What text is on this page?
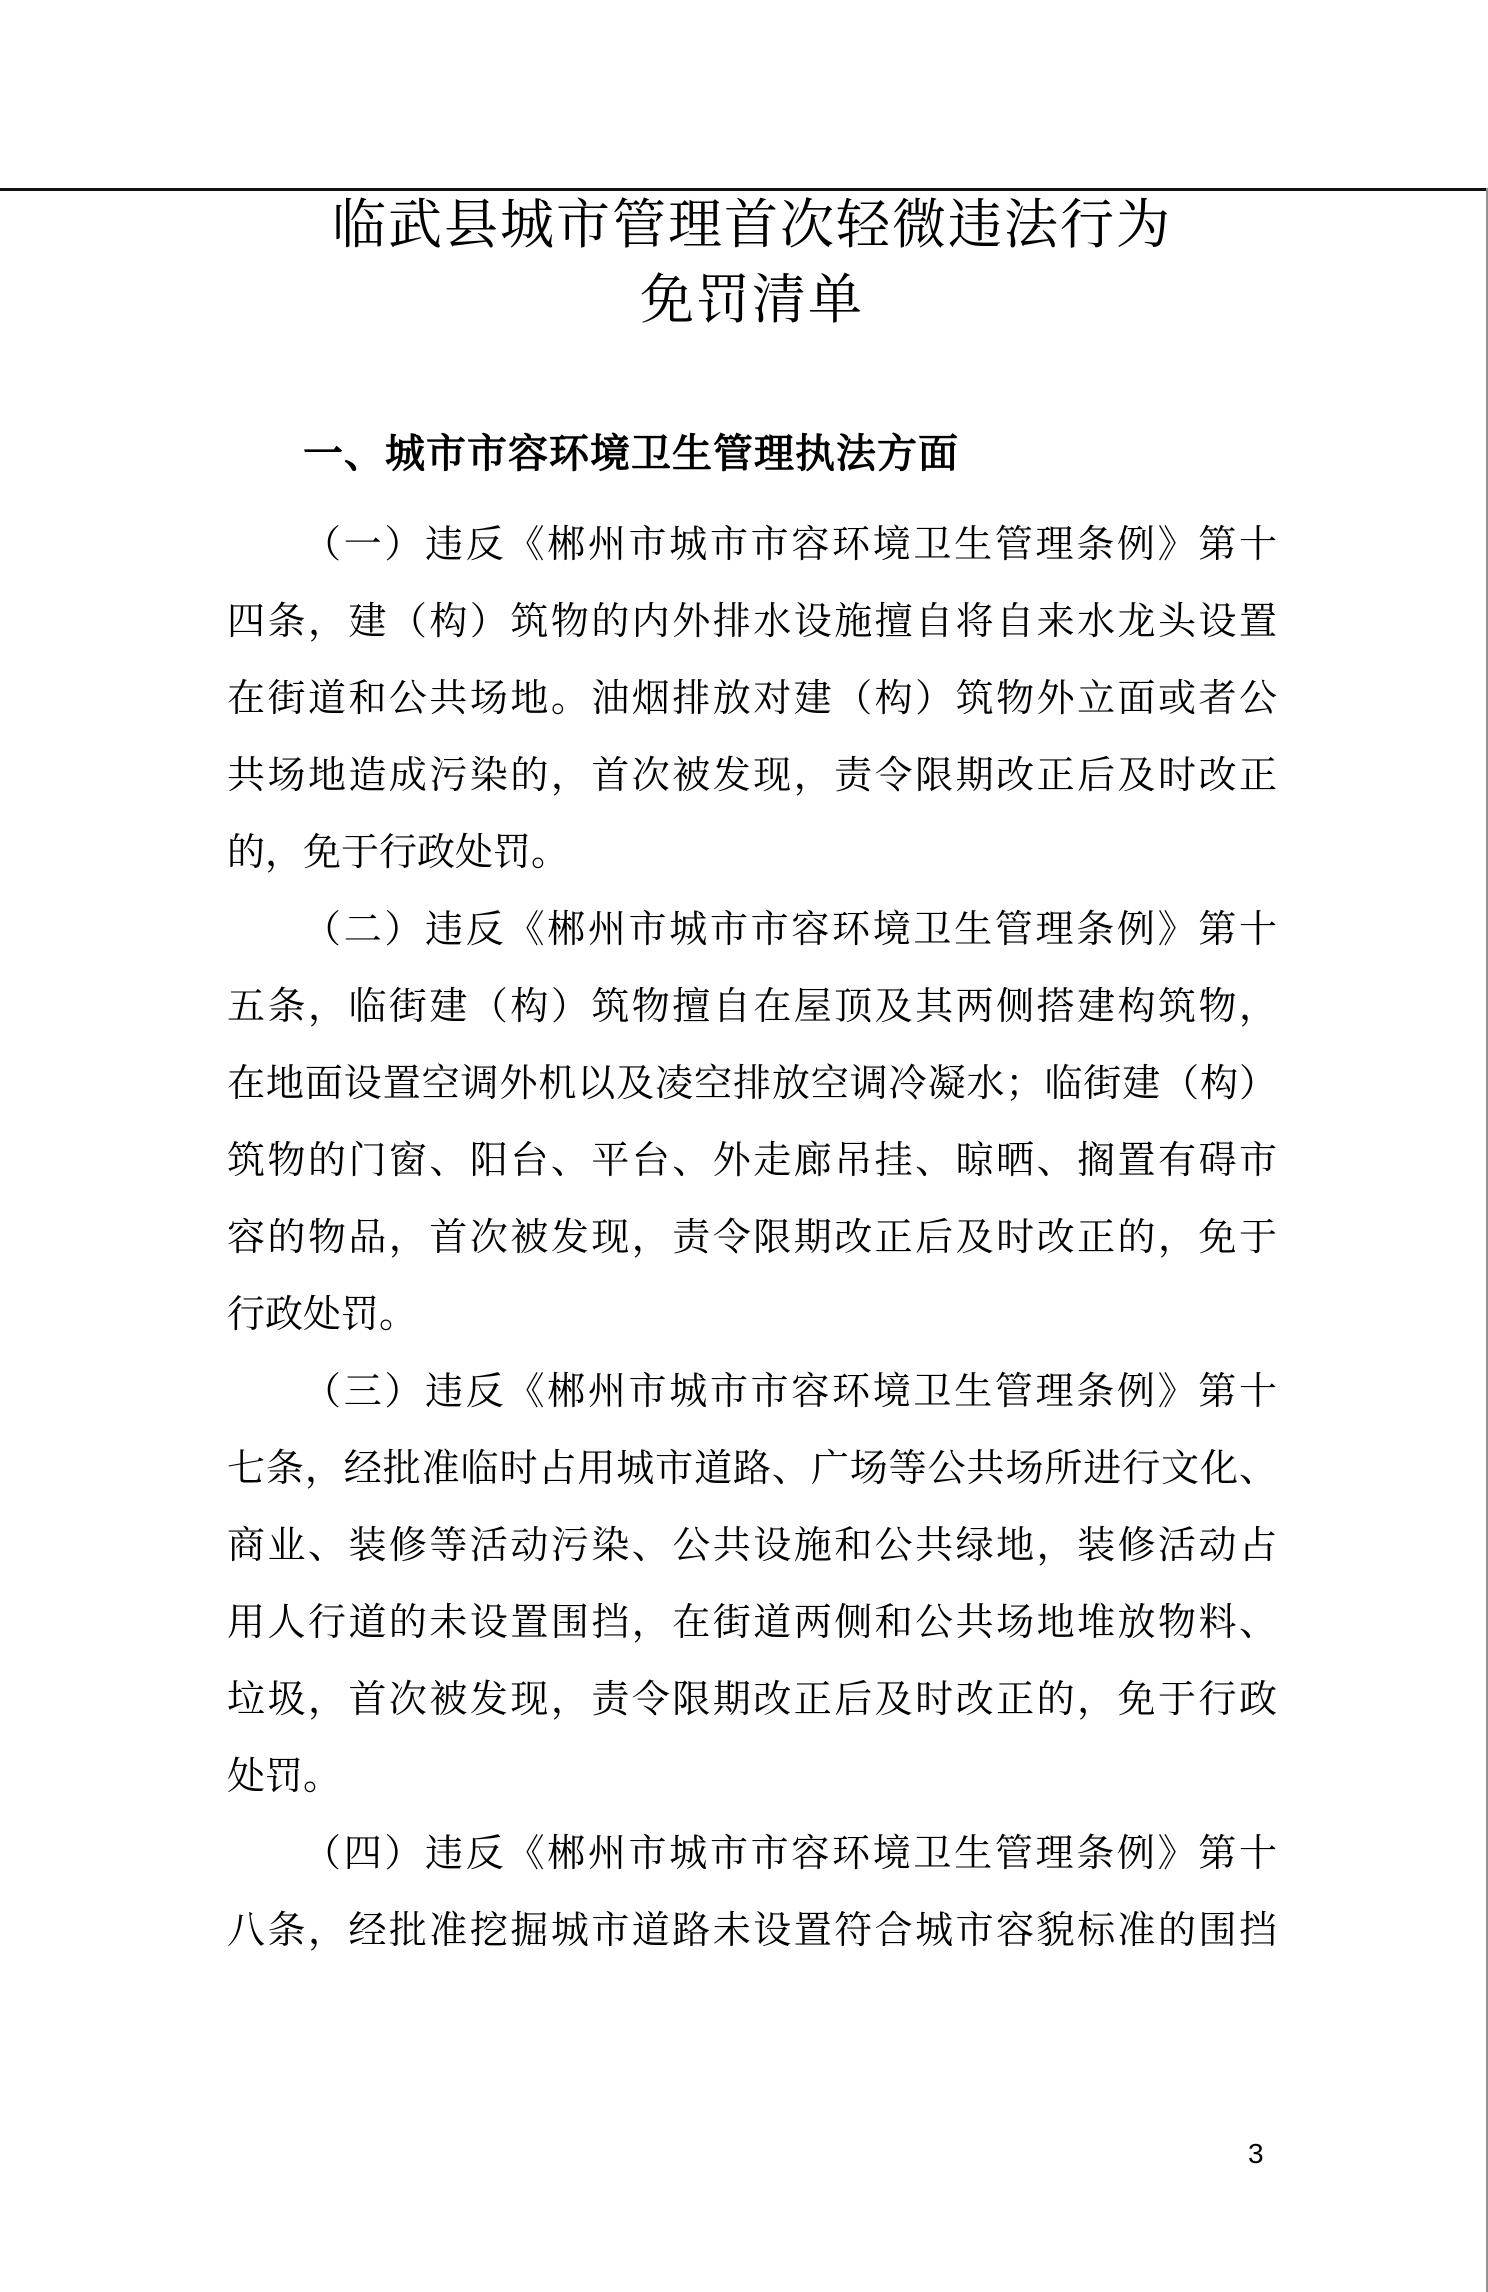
临武县城市管理首次轻微违法行为
免罚清单
一、城市市容环境卫生管理执法方面
（一）违反《郴州市城市市容环境卫生管理条例》第十
四条，建（构）筑物的内外排水设施擅自将自来水龙头设置
在街道和公共场地。油烟排放对建（构）筑物外立面或者公
共场地造成污染的，首次被发现，责令限期改正后及时改正
的，免于行政处罚。
（二）违反《郴州市城市市容环境卫生管理条例》第十
五条，临街建（构）筑物擅自在屋顶及其两侧搭建构筑物，
在地面设置空调外机以及凌空排放空调冷凝水；临街建（构）
筑物的门窗、阳台、平台、外走廊吊挂、晾晒、搁置有碍市
容的物品，首次被发现，责令限期改正后及时改正的，免于
行政处罚。
（三）违反《郴州市城市市容环境卫生管理条例》第十
七条，经批准临时占用城市道路、广场等公共场所进行文化、
商业、装修等活动污染、公共设施和公共绿地，装修活动占
用人行道的未设置围挡，在街道两侧和公共场地堆放物料、
垃圾，首次被发现，责令限期改正后及时改正的，免于行政
处罚。
（四）违反《郴州市城市市容环境卫生管理条例》第十
八条，经批准挖掘城市道路未设置符合城市容貌标准的围挡
3
